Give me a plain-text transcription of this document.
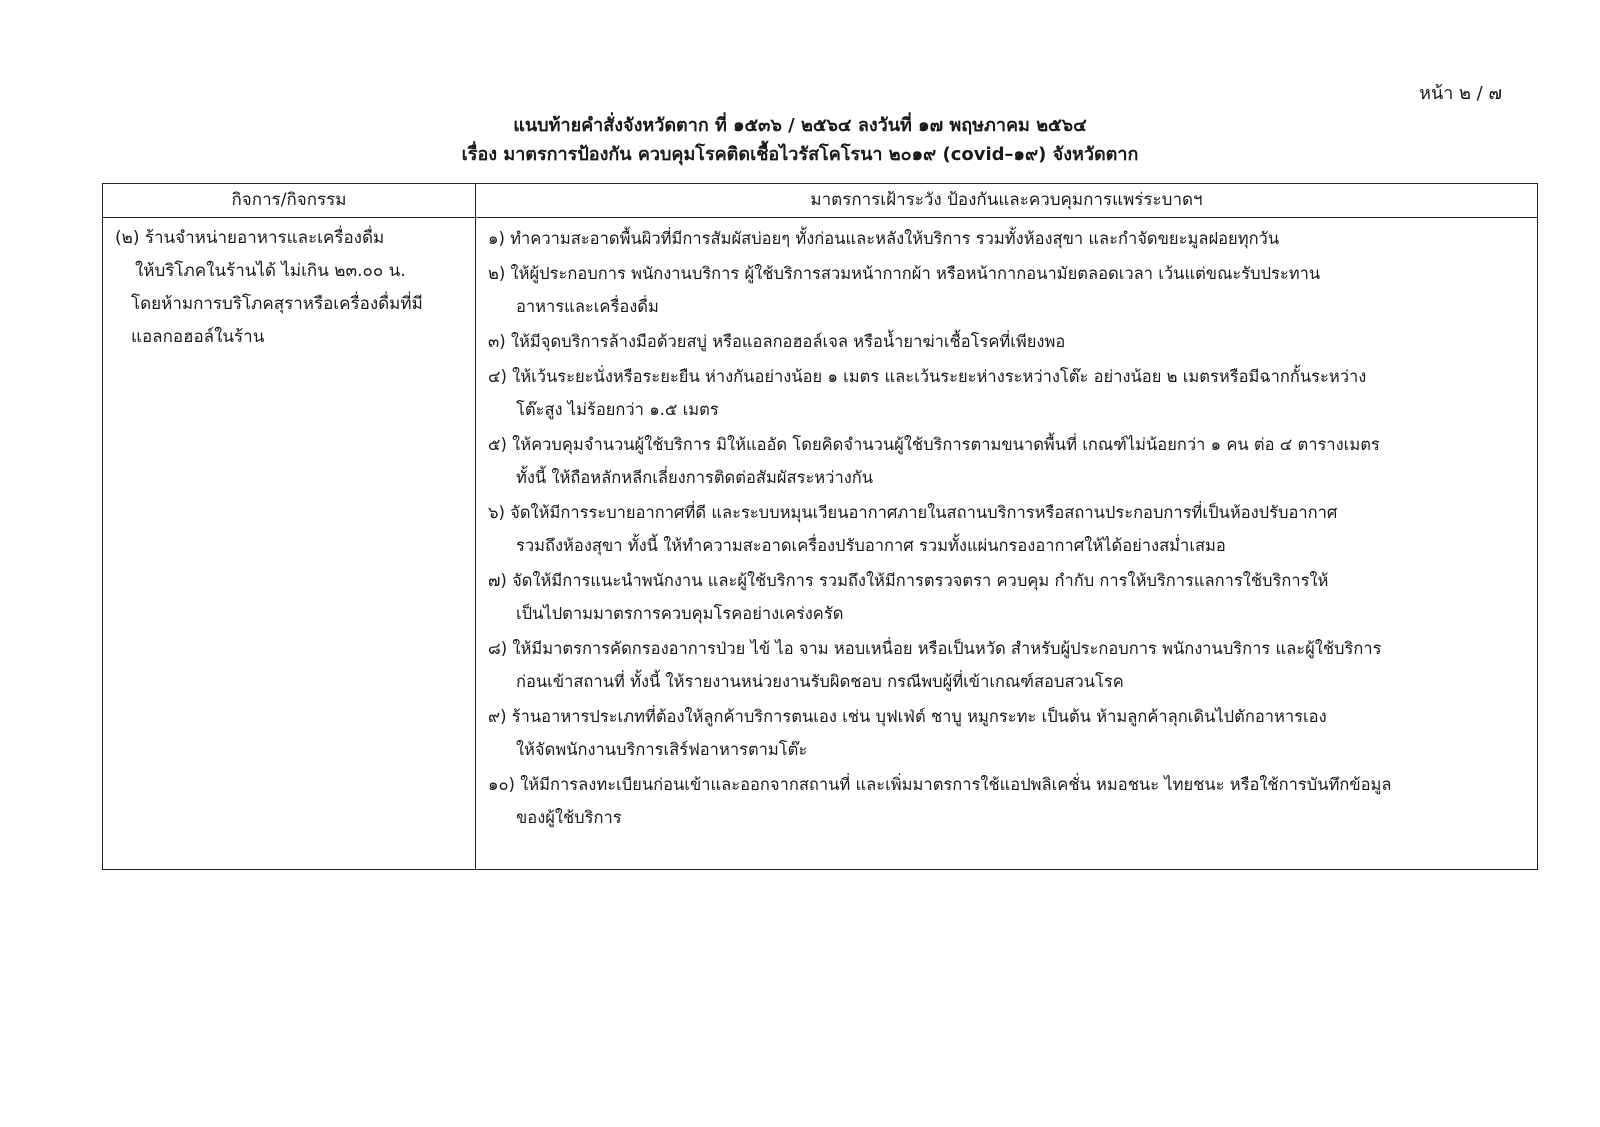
หน้า ๒ / ๗
แนบท้ายคำสั่งจังหวัดตาก ที่ ๑๕๓๖ / ๒๕๖๔ ลงวันที่ ๑๗ พฤษภาคม ๒๕๖๔
เรื่อง มาตรการป้องกัน ควบคุมโรคติดเชื้อไวรัสโคโรนา ๒๐๑๙ (covid–๑๙) จังหวัดตาก
กิจการ/กิจกรรม	มาตรการเฝ้าระวัง ป้องกันและควบคุมการแพร่ระบาดฯ
(๒) ร้านจำหน่ายอาหารและเครื่องดื่ม
ให้บริโภคในร้านได้ ไม่เกิน ๒๓.๐๐ น.
โดยห้ามการบริโภคสุราหรือเครื่องดื่มที่มี
แอลกอฮอล์ในร้าน
๑) ทำความสะอาดพื้นผิวที่มีการสัมผัสบ่อยๆ ทั้งก่อนและหลังให้บริการ รวมทั้งห้องสุขา และกำจัดขยะมูลฝอยทุกวัน
๒) ให้ผู้ประกอบการ พนักงานบริการ ผู้ใช้บริการสวมหน้ากากผ้า หรือหน้ากากอนามัยตลอดเวลา เว้นแต่ขณะรับประทาน
อาหารและเครื่องดื่ม
๓) ให้มีจุดบริการล้างมือด้วยสบู่ หรือแอลกอฮอล์เจล หรือน้ำยาฆ่าเชื้อโรคที่เพียงพอ
๔) ให้เว้นระยะนั่งหรือระยะยืน ห่างกันอย่างน้อย ๑ เมตร และเว้นระยะห่างระหว่างโต๊ะ อย่างน้อย ๒ เมตรหรือมีฉากกั้นระหว่าง
โต๊ะสูง ไม่ร้อยกว่า ๑.๕ เมตร
๕) ให้ควบคุมจำนวนผู้ใช้บริการ มิให้แออัด โดยคิดจำนวนผู้ใช้บริการตามขนาดพื้นที่ เกณฑ์ไม่น้อยกว่า ๑ คน ต่อ ๔ ตารางเมตร
ทั้งนี้ ให้ถือหลักหลีกเลี่ยงการติดต่อสัมผัสระหว่างกัน
๖) จัดให้มีการระบายอากาศที่ดี และระบบหมุนเวียนอากาศภายในสถานบริการหรือสถานประกอบการที่เป็นห้องปรับอากาศ
รวมถึงห้องสุขา ทั้งนี้ ให้ทำความสะอาดเครื่องปรับอากาศ รวมทั้งแผ่นกรองอากาศให้ได้อย่างสม่ำเสมอ
๗) จัดให้มีการแนะนำพนักงาน และผู้ใช้บริการ รวมถึงให้มีการตรวจตรา ควบคุม กำกับ การให้บริการแลการใช้บริการให้
เป็นไปตามมาตรการควบคุมโรคอย่างเคร่งครัด
๘) ให้มีมาตรการคัดกรองอาการป่วย ไข้ ไอ จาม หอบเหนื่อย หรือเป็นหวัด สำหรับผู้ประกอบการ พนักงานบริการ และผู้ใช้บริการ
ก่อนเข้าสถานที่ ทั้งนี้ ให้รายงานหน่วยงานรับผิดชอบ กรณีพบผู้ที่เข้าเกณฑ์สอบสวนโรค
๙) ร้านอาหารประเภทที่ต้องให้ลูกค้าบริการตนเอง เช่น บุฟเฟ่ต์ ชาบู หมูกระทะ เป็นต้น ห้ามลูกค้าลุกเดินไปตักอาหารเอง
ให้จัดพนักงานบริการเสิร์ฟอาหารตามโต๊ะ
๑๐) ให้มีการลงทะเบียนก่อนเข้าและออกจากสถานที่ และเพิ่มมาตรการใช้แอปพลิเคชั่น หมอชนะ ไทยชนะ หรือใช้การบันทึกข้อมูล
ของผู้ใช้บริการ
